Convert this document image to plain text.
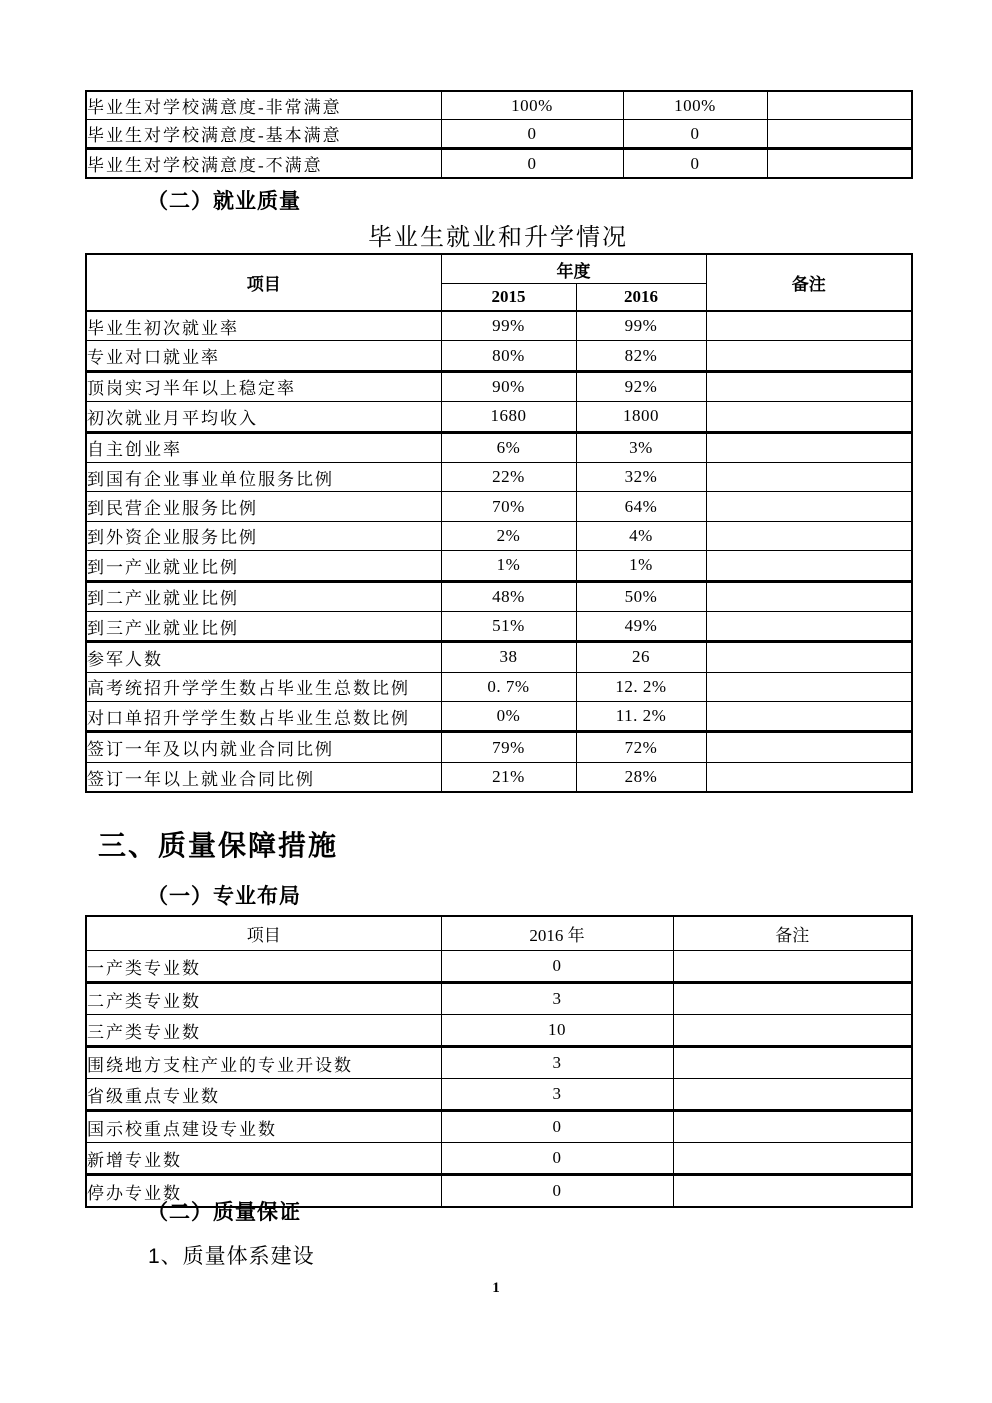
毕业生对学校满意度-非常满意	100%	100%	
毕业生对学校满意度-基本满意	0	0	
毕业生对学校满意度-不满意	0	0	
（二）就业质量
毕业生就业和升学情况
项目	年度		备注
	2015	2016	
毕业生初次就业率	99%	99%	
专业对口就业率	80%	82%	
顶岗实习半年以上稳定率	90%	92%	
初次就业月平均收入	1680	1800	
自主创业率	6%	3%	
到国有企业事业单位服务比例	22%	32%	
到民营企业服务比例	70%	64%	
到外资企业服务比例	2%	4%	
到一产业就业比例	1%	1%	
到二产业就业比例	48%	50%	
到三产业就业比例	51%	49%	
参军人数	38	26	
高考统招升学学生数占毕业生总数比例	0. 7%	12. 2%	
对口单招升学学生数占毕业生总数比例	0%	11. 2%	
签订一年及以内就业合同比例	79%	72%	
签订一年以上就业合同比例	21%	28%	
三、质量保障措施
（一）专业布局
项目	2016 年	备注
一产类专业数	0	
二产类专业数	3	
三产类专业数	10	
围绕地方支柱产业的专业开设数	3	
省级重点专业数	3	
国示校重点建设专业数	0	
新增专业数	0	
停办专业数	0	
（二）质量保证
1、质量体系建设
1
